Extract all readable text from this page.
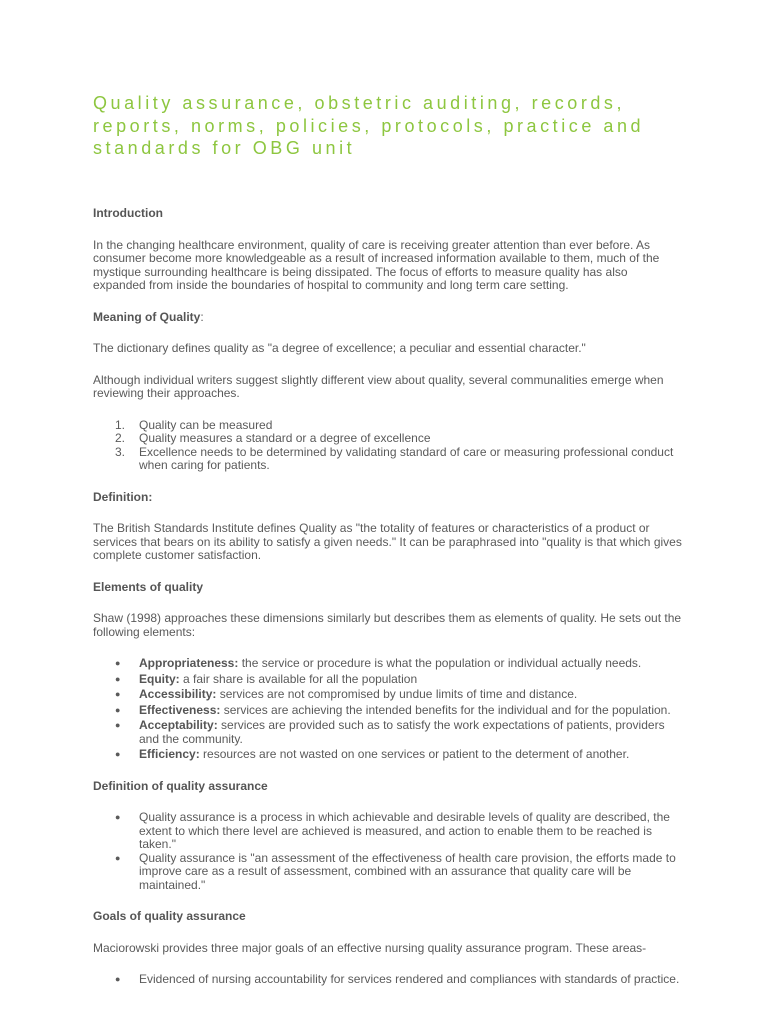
Quality assurance, obstetric auditing, records, reports, norms, policies, protocols, practice and standards for OBG unit

Introduction

In the changing healthcare environment, quality of care is receiving greater attention than ever before. As consumer become more knowledgeable as a result of increased information available to them, much of the mystique surrounding healthcare is being dissipated. The focus of efforts to measure quality has also expanded from inside the boundaries of hospital to community and long term care setting.

Meaning of Quality:

The dictionary defines quality as "a degree of excellence; a peculiar and essential character."

Although individual writers suggest slightly different view about quality, several communalities emerge when reviewing their approaches.

1. Quality can be measured
2. Quality measures a standard or a degree of excellence
3. Excellence needs to be determined by validating standard of care or measuring professional conduct when caring for patients.

Definition:

The British Standards Institute defines Quality as "the totality of features or characteristics of a product or services that bears on its ability to satisfy a given needs." It can be paraphrased into "quality is that which gives complete customer satisfaction.

Elements of quality

Shaw (1998) approaches these dimensions similarly but describes them as elements of quality. He sets out the following elements:

● Appropriateness: the service or procedure is what the population or individual actually needs.
● Equity: a fair share is available for all the population
● Accessibility: services are not compromised by undue limits of time and distance.
● Effectiveness: services are achieving the intended benefits for the individual and for the population.
● Acceptability: services are provided such as to satisfy the work expectations of patients, providers and the community.
● Efficiency: resources are not wasted on one services or patient to the determent of another.

Definition of quality assurance

● Quality assurance is a process in which achievable and desirable levels of quality are described, the extent to which there level are achieved is measured, and action to enable them to be reached is taken."
● Quality assurance is "an assessment of the effectiveness of health care provision, the efforts made to improve care as a result of assessment, combined with an assurance that quality care will be maintained."

Goals of quality assurance

Maciorowski provides three major goals of an effective nursing quality assurance program. These areas-

● Evidenced of nursing accountability for services rendered and compliances with standards of practice.
